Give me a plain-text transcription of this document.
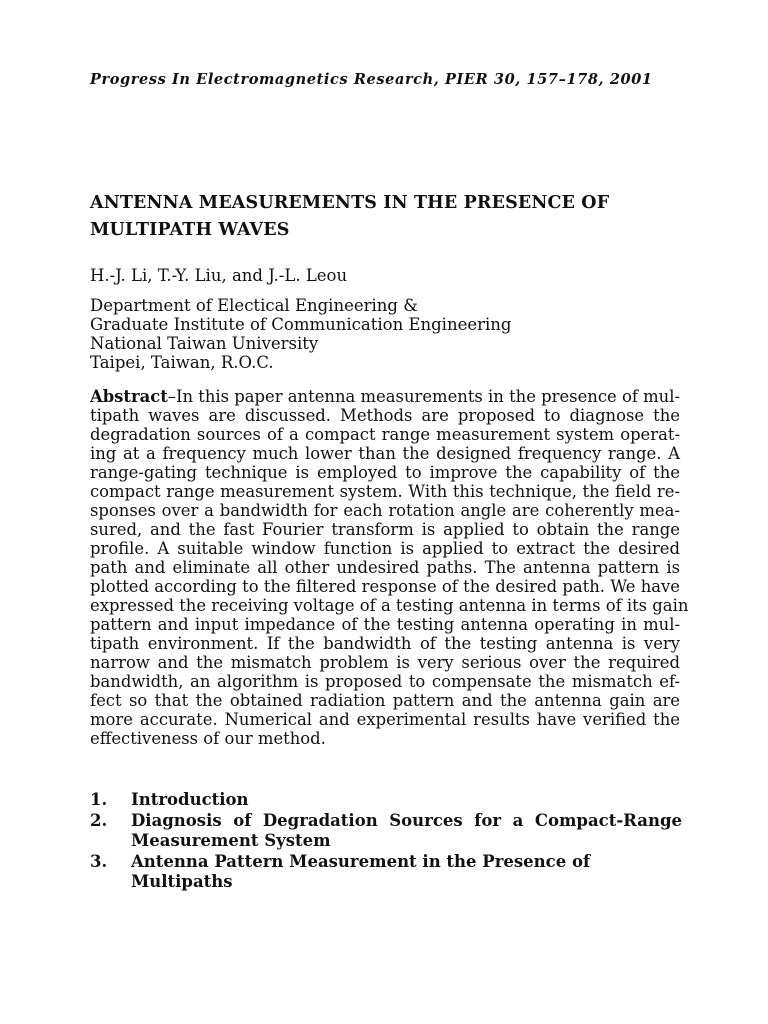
Progress In Electromagnetics Research, PIER 30, 157–178, 2001
ANTENNA MEASUREMENTS IN THE PRESENCE OF
MULTIPATH WAVES
H.-J. Li, T.-Y. Liu, and J.-L. Leou
Department of Electical Engineering &
Graduate Institute of Communication Engineering
National Taiwan University
Taipei, Taiwan, R.O.C.
Abstract–In this paper antenna measurements in the presence of mul-
tipath waves are discussed. Methods are proposed to diagnose the
degradation sources of a compact range measurement system operat-
ing at a frequency much lower than the designed frequency range. A
range-gating technique is employed to improve the capability of the
compact range measurement system. With this technique, the field re-
sponses over a bandwidth for each rotation angle are coherently mea-
sured, and the fast Fourier transform is applied to obtain the range
profile. A suitable window function is applied to extract the desired
path and eliminate all other undesired paths. The antenna pattern is
plotted according to the filtered response of the desired path. We have
expressed the receiving voltage of a testing antenna in terms of its gain
pattern and input impedance of the testing antenna operating in mul-
tipath environment. If the bandwidth of the testing antenna is very
narrow and the mismatch problem is very serious over the required
bandwidth, an algorithm is proposed to compensate the mismatch ef-
fect so that the obtained radiation pattern and the antenna gain are
more accurate. Numerical and experimental results have verified the
effectiveness of our method.
1.	Introduction
2.	Diagnosis of Degradation Sources for a Compact-Range
Measurement System
3.	Antenna Pattern Measurement in the Presence of
Multipaths
